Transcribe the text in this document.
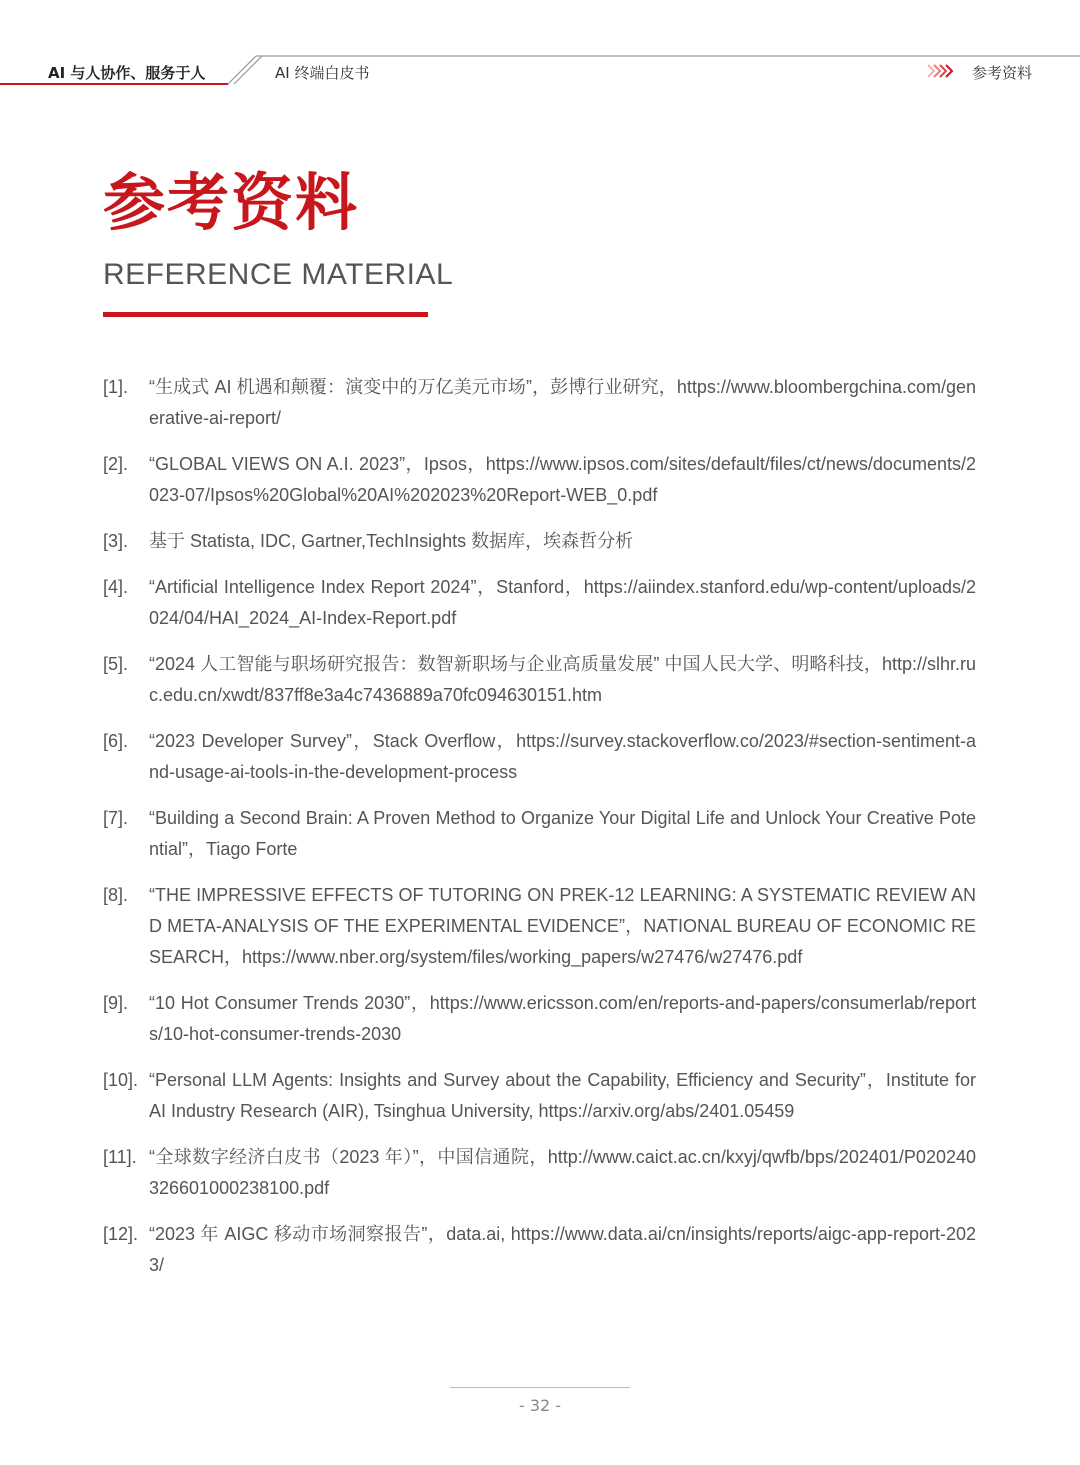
AI 与人协作、服务于人	AI 终端白皮书	参考资料
参考资料
REFERENCE MATERIAL
[1].	“生成式 AI 机遇和颠覆：演变中的万亿美元市场”，彭博行业研究，https://www.bloombergchina.com/generative-ai-report/
[2].	“GLOBAL VIEWS ON A.I. 2023”，Ipsos，https://www.ipsos.com/sites/default/files/ct/news/documents/2023-07/Ipsos%20Global%20AI%202023%20Report-WEB_0.pdf
[3].	基于 Statista, IDC, Gartner,TechInsights 数据库，埃森哲分析
[4].	“Artificial Intelligence Index Report 2024”，Stanford，https://aiindex.stanford.edu/wp-content/uploads/2024/04/HAI_2024_AI-Index-Report.pdf
[5].	“2024 人工智能与职场研究报告：数智新职场与企业高质量发展” 中国人民大学、明略科技，http://slhr.ruc.edu.cn/xwdt/837ff8e3a4c7436889a70fc094630151.htm
[6].	“2023 Developer Survey”，Stack Overflow，https://survey.stackoverflow.co/2023/#section-sentiment-and-usage-ai-tools-in-the-development-process
[7].	“Building a Second Brain: A Proven Method to Organize Your Digital Life and Unlock Your Creative Potential”，Tiago Forte
[8].	“THE IMPRESSIVE EFFECTS OF TUTORING ON PREK-12 LEARNING: A SYSTEMATIC REVIEW AND META-ANALYSIS OF THE EXPERIMENTAL EVIDENCE”，NATIONAL BUREAU OF ECONOMIC RESEARCH，https://www.nber.org/system/files/working_papers/w27476/w27476.pdf
[9].	“10 Hot Consumer Trends 2030”，https://www.ericsson.com/en/reports-and-papers/consumerlab/reports/10-hot-consumer-trends-2030
[10]. “Personal LLM Agents: Insights and Survey about the Capability, Efficiency and Security”，Institute for AI Industry Research (AIR), Tsinghua University, https://arxiv.org/abs/2401.05459
[11]. “全球数字经济白皮书（2023 年）”，中国信通院，http://www.caict.ac.cn/kxyj/qwfb/bps/202401/P020240326601000238100.pdf
[12]. “2023 年 AIGC 移动市场洞察报告”，data.ai, https://www.data.ai/cn/insights/reports/aigc-app-report-2023/
- 32 -
